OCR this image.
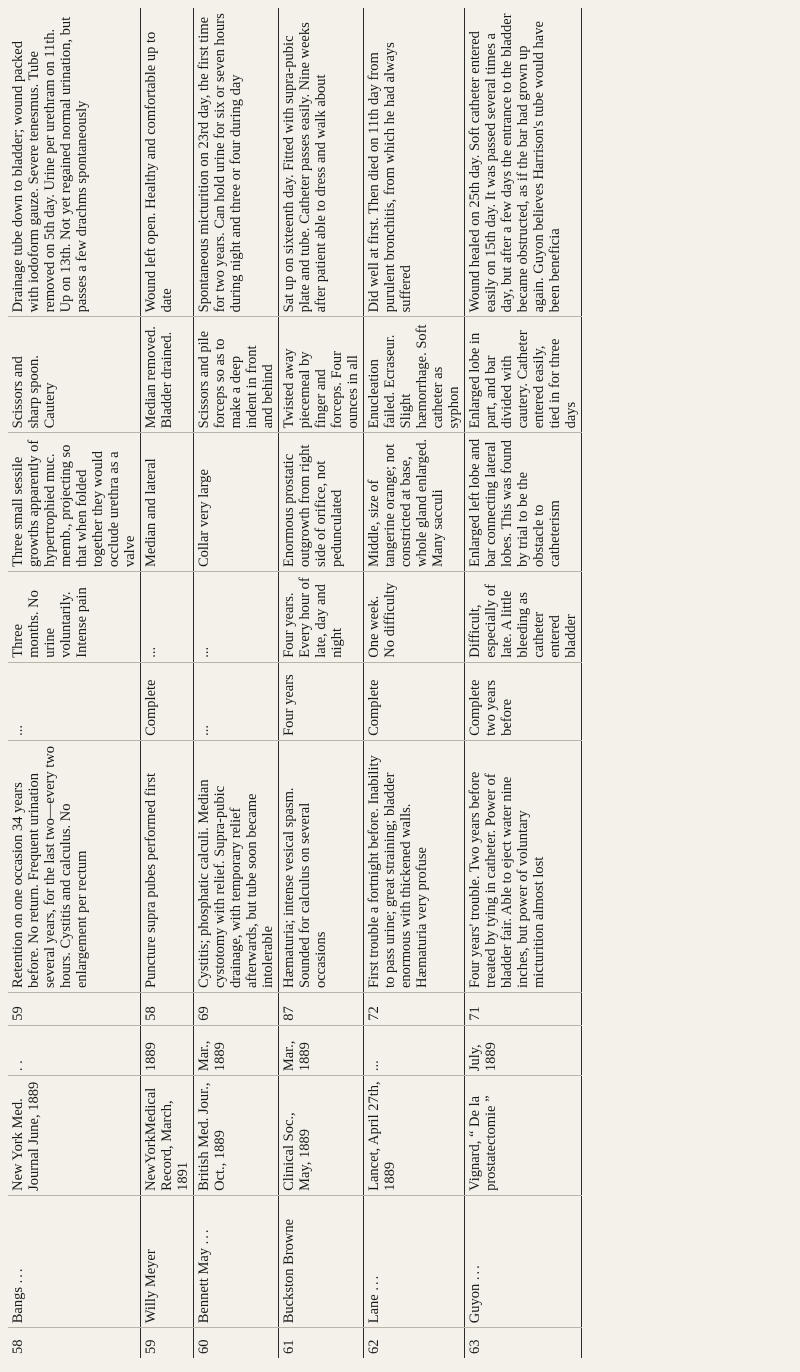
58	Bangs ...	New York Med. Journal June, 1889	. .	59	Retention on one occasion 34 years before. No return. Frequent urination several years, for the last two—every two hours. Cystitis and calculus. No enlargement per rectum	...	Three months. No urine voluntarily. Intense pain	Three small sessile growths apparently of hypertrophied muc. memb., projecting so that when folded together they would occlude urethra as a valve	Scissors and sharp spoon. Cautery	Drainage tube down to bladder; wound packed with iodoform gauze. Severe tenesmus. Tube removed on 5th day. Urine per urethram on 11th. Up on 13th. Not yet regained normal urination, but passes a few drachms spontaneously
59	Willy Meyer	NewYorkMedical Record, March, 1891	1889	58	Puncture supra pubes performed first	Complete	...	Median and lateral	Median removed. Bladder drained.	Wound left open. Healthy and comfortable up to date
60	Bennett May ...	British Med. Jour., Oct., 1889	Mar., 1889	69	Cystitis; phosphatic calculi. Median cystotomy with relief. Supra-pubic drainage, with temporary relief afterwards, but tube soon became intolerable	...	...	Collar very large	Scissors and pile forceps so as to make a deep indent in front and behind	Spontaneous micturition on 23rd day, the first time for two years. Can hold urine for six or seven hours during night and three or four during day
61	Buckston Browne	Clinical Soc., May, 1889	Mar., 1889	87	Hæmaturia; intense vesical spasm. Sounded for calculus on several occasions	Four years	Four years. Every hour of late, day and night	Enormous prostatic outgrowth from right side of orifice, not pedunculated	Twisted away piecemeal by finger and forceps. Four ounces in all	Sat up on sixteenth day. Fitted with supra-pubic plate and tube. Catheter passes easily. Nine weeks after patient able to dress and walk about
62	Lane ...	Lancet, April 27th, 1889	...	72	First trouble a fortnight before. Inability to pass urine; great straining; bladder enormous with thickened walls. Hæmaturia very profuse	Complete	One week. No difficulty	Middle, size of tangerine orange; not constricted at base, whole gland enlarged. Many sacculi	Enucleation failed. Ecraseur. Slight hæmorrhage. Soft catheter as syphon	Did well at first. Then died on 11th day from purulent bronchitis, from which he had always suffered
63	Guyon ...	Vignard, “ De la prostatectomie ”	July, 1889	71	Four years' trouble. Two years before treated by tying in catheter. Power of bladder fair. Able to eject water nine inches, but power of voluntary micturition almost lost	Complete two years before	Difficult, especially of late. A little bleeding as catheter entered bladder	Enlarged left lobe and bar connecting lateral lobes. This was found by trial to be the obstacle to catheterism	Enlarged lobe in part, and bar divided with cautery. Catheter entered easily, tied in for three days	Wound healed on 25th day. Soft catheter entered easily on 15th day. It was passed several times a day, but after a few days the entrance to the bladder became obstructed, as if the bar had grown up again. Guyon believes Harrison's tube would have been beneficia
